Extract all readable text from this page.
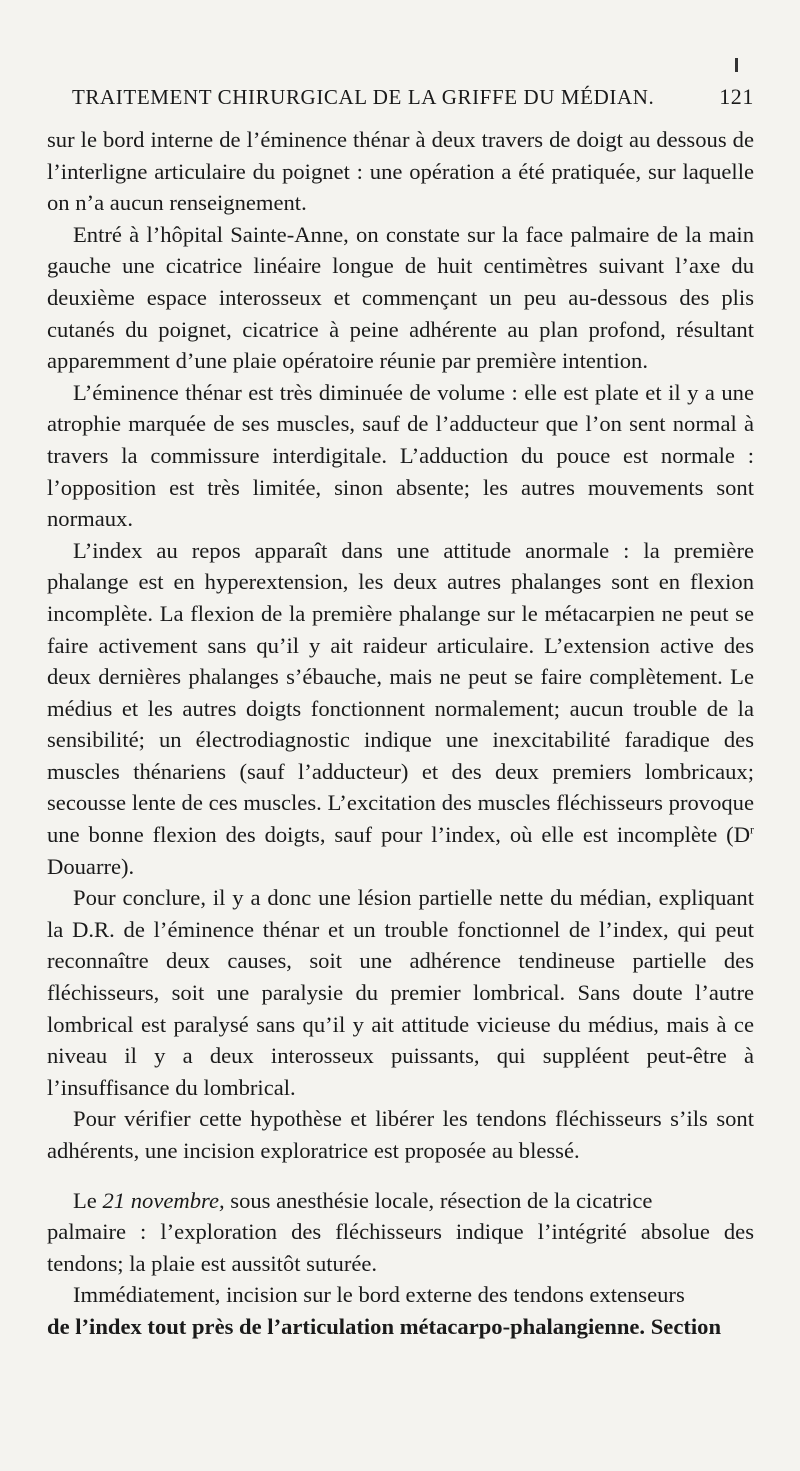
TRAITEMENT CHIRURGICAL DE LA GRIFFE DU MÉDIAN.	121

sur le bord interne de l’éminence thénar à deux travers de doigt au dessous de l’interligne articulaire du poignet : une opération a été pratiquée, sur laquelle on n’a aucun renseignement.

Entré à l’hôpital Sainte-Anne, on constate sur la face palmaire de la main gauche une cicatrice linéaire longue de huit centimètres suivant l’axe du deuxième espace interosseux et commençant un peu au-dessous des plis cutanés du poignet, cicatrice à peine adhérente au plan profond, résultant apparemment d’une plaie opératoire réunie par première intention.

L’éminence thénar est très diminuée de volume : elle est plate et il y a une atrophie marquée de ses muscles, sauf de l’adducteur que l’on sent normal à travers la commissure interdigitale. L’adduction du pouce est normale : l’opposition est très limitée, sinon absente; les autres mouvements sont normaux.

L’index au repos apparaît dans une attitude anormale : la première phalange est en hyperextension, les deux autres phalanges sont en flexion incomplète. La flexion de la première phalange sur le métacarpien ne peut se faire activement sans qu’il y ait raideur articulaire. L’extension active des deux dernières phalanges s’ébauche, mais ne peut se faire complètement. Le médius et les autres doigts fonctionnent normalement; aucun trouble de la sensibilité; un électrodiagnostic indique une inexcitabilité faradique des muscles thénariens (sauf l’adducteur) et des deux premiers lombricaux; secousse lente de ces muscles. L’excitation des muscles fléchisseurs provoque une bonne flexion des doigts, sauf pour l’index, où elle est incomplète ($D^r$ Douarre).

Pour conclure, il y a donc une lésion partielle nette du médian, expliquant la D.R. de l’éminence thénar et un trouble fonctionnel de l’index, qui peut reconnaître deux causes, soit une adhérence tendineuse partielle des fléchisseurs, soit une paralysie du premier lombrical. Sans doute l’autre lombrical est paralysé sans qu’il y ait attitude vicieuse du médius, mais à ce niveau il y a deux interosseux puissants, qui suppléent peut-être à l’insuffisance du lombrical.

Pour vérifier cette hypothèse et libérer les tendons fléchisseurs s’ils sont adhérents, une incision exploratrice est proposée au blessé.

Le 21 novembre, sous anesthésie locale, résection de la cicatrice

palmaire : l’exploration des fléchisseurs indique l’intégrité absolue des tendons; la plaie est aussitôt suturée.

Immédiatement, incision sur le bord externe des tendons extenseurs

de l’index tout près de l’articulation métacarpo-phalangienne. Section
